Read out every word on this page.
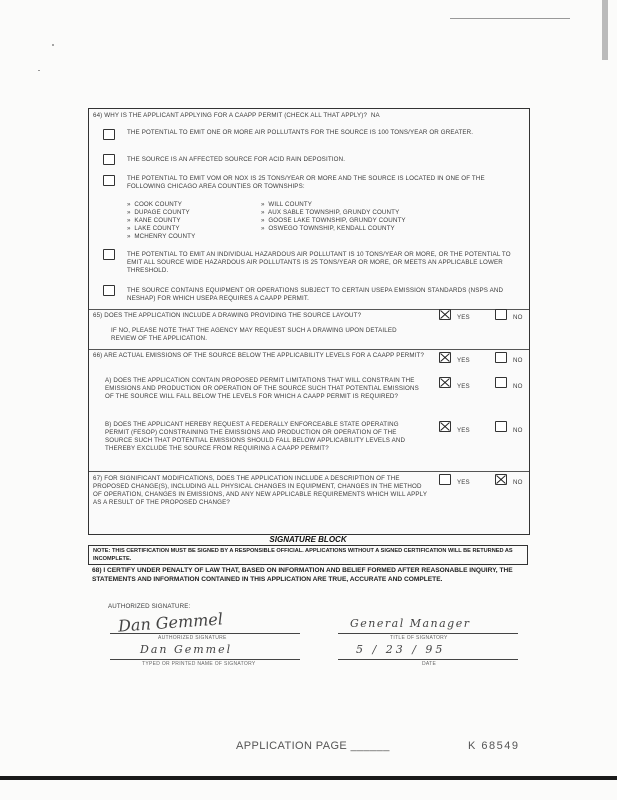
64) WHY IS THE APPLICANT APPLYING FOR A CAAPP PERMIT (CHECK ALL THAT APPLY)?  NA
THE POTENTIAL TO EMIT ONE OR MORE AIR POLLUTANTS FOR THE SOURCE IS 100 TONS/YEAR OR GREATER.
THE SOURCE IS AN AFFECTED SOURCE FOR ACID RAIN DEPOSITION.
THE POTENTIAL TO EMIT VOM OR NOX IS 25 TONS/YEAR OR MORE AND THE SOURCE IS LOCATED IN ONE OF THE FOLLOWING CHICAGO AREA COUNTIES OR TOWNSHIPS:
»  COOK COUNTY
»  DUPAGE COUNTY
»  KANE COUNTY
»  LAKE COUNTY
»  MCHENRY COUNTY
»  WILL COUNTY
»  AUX SABLE TOWNSHIP, GRUNDY COUNTY
»  GOOSE LAKE TOWNSHIP, GRUNDY COUNTY
»  OSWEGO TOWNSHIP, KENDALL COUNTY
THE POTENTIAL TO EMIT AN INDIVIDUAL HAZARDOUS AIR POLLUTANT IS 10 TONS/YEAR OR MORE, OR THE POTENTIAL TO EMIT ALL SOURCE WIDE HAZARDOUS AIR POLLUTANTS IS 25 TONS/YEAR OR MORE, OR MEETS AN APPLICABLE LOWER THRESHOLD.
THE SOURCE CONTAINS EQUIPMENT OR OPERATIONS SUBJECT TO CERTAIN USEPA EMISSION STANDARDS (NSPS AND NESHAP) FOR WHICH USEPA REQUIRES A CAAPP PERMIT.
65) DOES THE APPLICATION INCLUDE A DRAWING PROVIDING THE SOURCE LAYOUT?	YES	NO
IF NO, PLEASE NOTE THAT THE AGENCY MAY REQUEST SUCH A DRAWING UPON DETAILED REVIEW OF THE APPLICATION.
66) ARE ACTUAL EMISSIONS OF THE SOURCE BELOW THE APPLICABILITY LEVELS FOR A CAAPP PERMIT?
YES	NO
A) DOES THE APPLICATION CONTAIN PROPOSED PERMIT LIMITATIONS THAT WILL CONSTRAIN THE EMISSIONS AND PRODUCTION OR OPERATION OF THE SOURCE SUCH THAT POTENTIAL EMISSIONS OF THE SOURCE WILL FALL BELOW THE LEVELS FOR WHICH A CAAPP PERMIT IS REQUIRED?
YES	NO
B) DOES THE APPLICANT HEREBY REQUEST A FEDERALLY ENFORCEABLE STATE OPERATING PERMIT (FESOP) CONSTRAINING THE EMISSIONS AND PRODUCTION OR OPERATION OF THE SOURCE SUCH THAT POTENTIAL EMISSIONS SHOULD FALL BELOW APPLICABILITY LEVELS AND THEREBY EXCLUDE THE SOURCE FROM REQUIRING A CAAPP PERMIT?
YES	NO
67) FOR SIGNIFICANT MODIFICATIONS, DOES THE APPLICATION INCLUDE A DESCRIPTION OF THE PROPOSED CHANGE(S), INCLUDING ALL PHYSICAL CHANGES IN EQUIPMENT, CHANGES IN THE METHOD OF OPERATION, CHANGES IN EMISSIONS, AND ANY NEW APPLICABLE REQUIREMENTS WHICH WILL APPLY AS A RESULT OF THE PROPOSED CHANGE?
YES	NO
SIGNATURE BLOCK
NOTE: THIS CERTIFICATION MUST BE SIGNED BY A RESPONSIBLE OFFICIAL. APPLICATIONS WITHOUT A SIGNED CERTIFICATION WILL BE RETURNED AS INCOMPLETE.
68) I CERTIFY UNDER PENALTY OF LAW THAT, BASED ON INFORMATION AND BELIEF FORMED AFTER REASONABLE INQUIRY, THE STATEMENTS AND INFORMATION CONTAINED IN THIS APPLICATION ARE TRUE, ACCURATE AND COMPLETE.
AUTHORIZED SIGNATURE:
Dan Gemmel
AUTHORIZED SIGNATURE
General Manager
TITLE OF SIGNATORY
Dan Gemmel
TYPED OR PRINTED NAME OF SIGNATORY
5 / 23 / 95
DATE
APPLICATION PAGE ______	K 68549
